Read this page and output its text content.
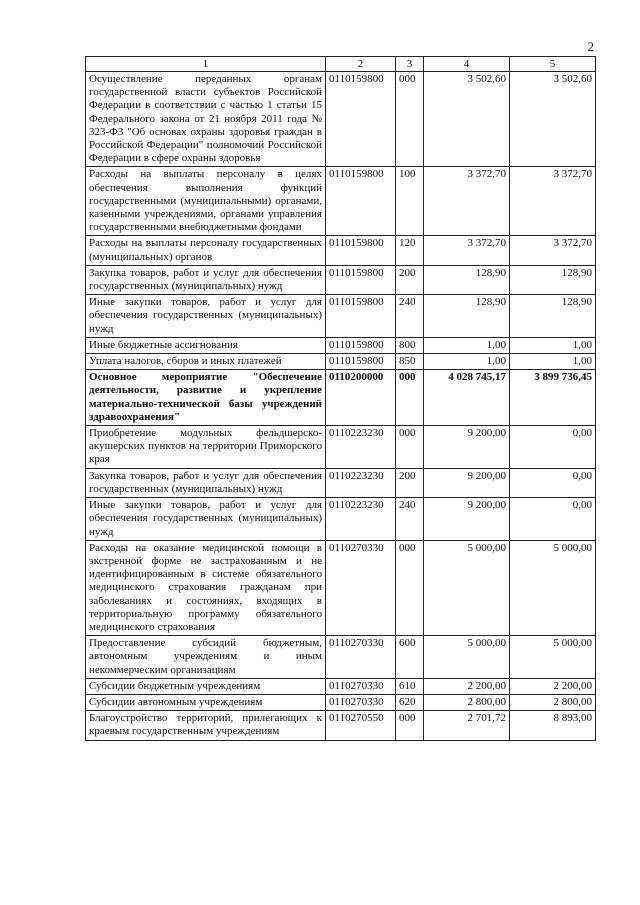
2
1	2	3	4	5
Осуществление переданных органам государственной власти субъектов Российской Федерации в соответствии с частью 1 статьи 15 Федерального закона от 21 ноября 2011 года № 323-ФЗ "Об основах охраны здоровья граждан в Российской Федерации" полномочий Российской Федерации в сфере охраны здоровья	0110159800	000	3 502,60	3 502,60
Расходы на выплаты персоналу в целях обеспечения выполнения функций государственными (муниципальными) органами, казенными учреждениями, органами управления государственными внебюджетными фондами	0110159800	100	3 372,70	3 372,70
Расходы на выплаты персоналу государственных (муниципальных) органов	0110159800	120	3 372,70	3 372,70
Закупка товаров, работ и услуг для обеспечения государственных (муниципальных) нужд	0110159800	200	128,90	128,90
Иные закупки товаров, работ и услуг для обеспечения государственных (муниципальных) нужд	0110159800	240	128,90	128,90
Иные бюджетные ассигнования	0110159800	800	1,00	1,00
Уплата налогов, сборов и иных платежей	0110159800	850	1,00	1,00
Основное мероприятие "Обеспечение деятельности, развитие и укрепление материально-технической базы учреждений здравоохранения"	0110200000	000	4 028 745,17	3 899 736,45
Приобретение модульных фельдшерско-акушерских пунктов на территории Приморского края	0110223230	000	9 200,00	0,00
Закупка товаров, работ и услуг для обеспечения государственных (муниципальных) нужд	0110223230	200	9 200,00	0,00
Иные закупки товаров, работ и услуг для обеспечения государственных (муниципальных) нужд	0110223230	240	9 200,00	0,00
Расходы на оказание медицинской помощи в экстренной форме не застрахованным и не идентифицированным в системе обязательного медицинского страхования гражданам при заболеваниях и состояниях, входящих в территориальную программу обязательного медицинского страхования	0110270330	000	5 000,00	5 000,00
Предоставление субсидий бюджетным, автономным учреждениям и иным некоммерческим организациям	0110270330	600	5 000,00	5 000,00
Субсидии бюджетным учреждениям	0110270330	610	2 200,00	2 200,00
Субсидии автономным учреждениям	0110270330	620	2 800,00	2 800,00
Благоустройство территорий, прилегающих к краевым государственным учреждениям	0110270550	000	2 701,72	8 893,00
